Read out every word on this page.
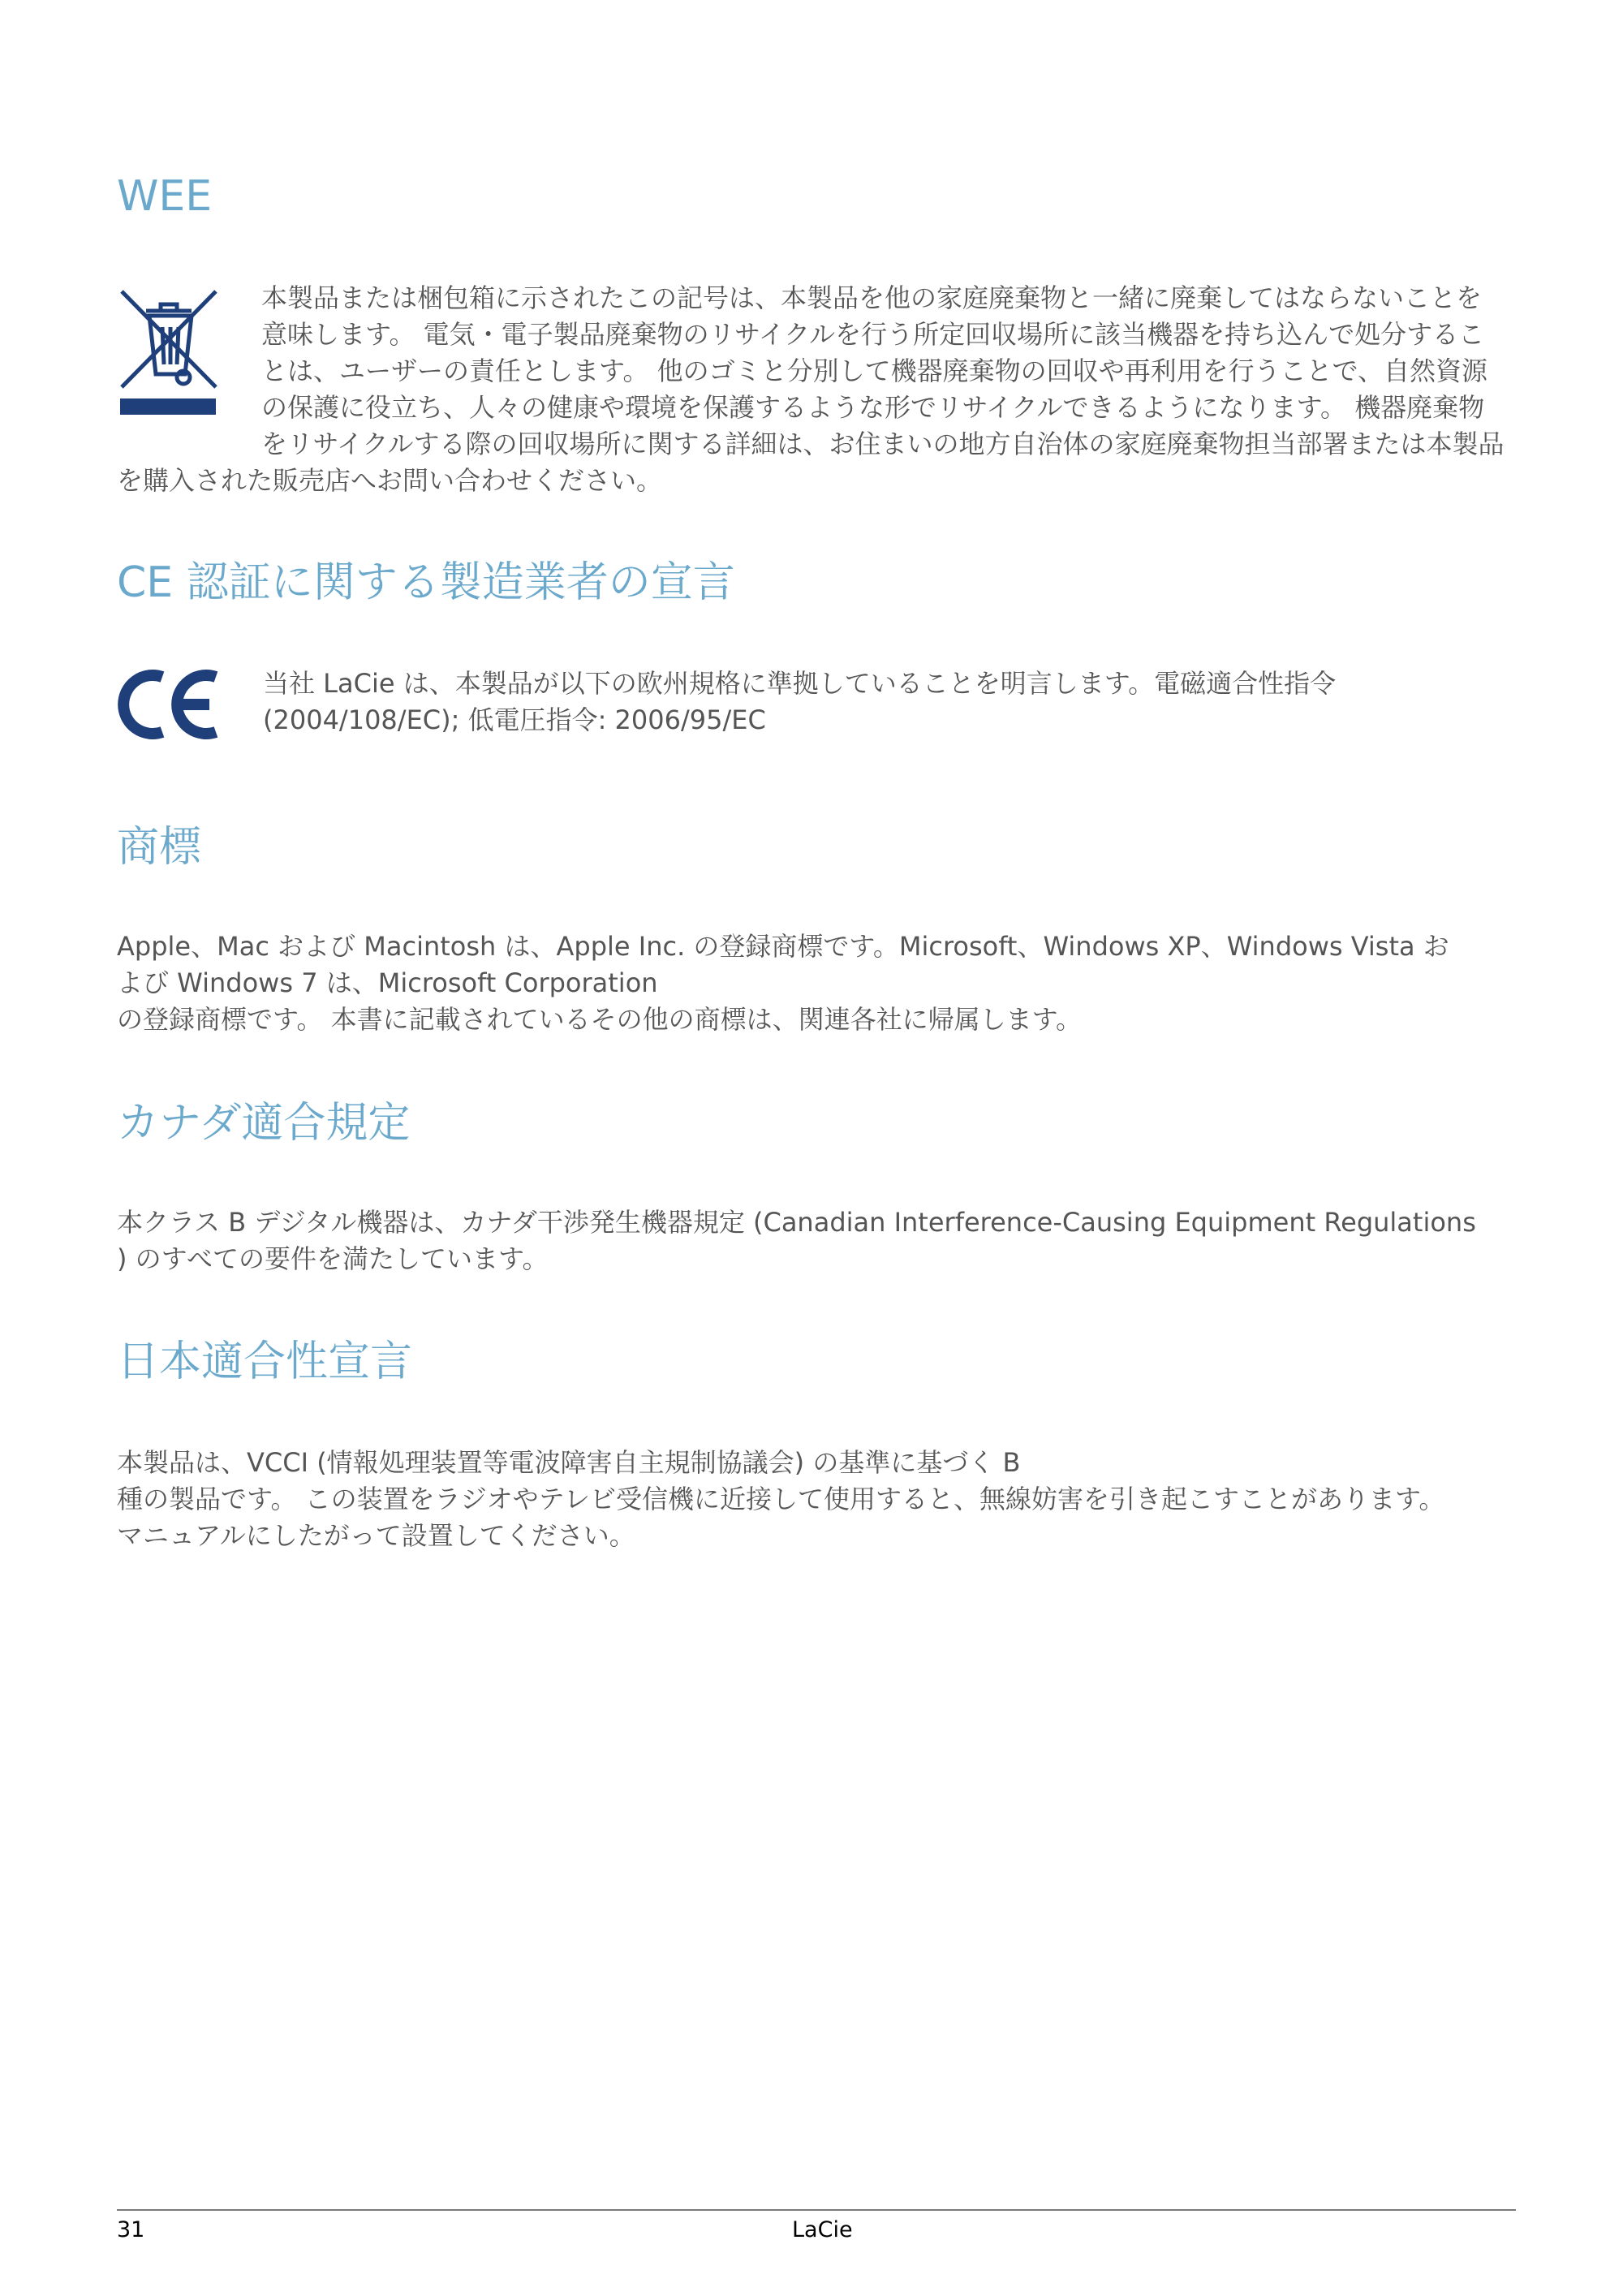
WEE

本製品または梱包箱に示されたこの記号は、本製品を他の家庭廃棄物と一緒に廃棄してはならないことを意味します。 電気・電子製品廃棄物のリサイクルを行う所定回収場所に該当機器を持ち込んで処分することは、ユーザーの責任とします。 他のゴミと分別して機器廃棄物の回収や再利用を行うことで、自然資源の保護に役立ち、人々の健康や環境を保護するような形でリサイクルできるようになります。 機器廃棄物をリサイクルする際の回収場所に関する詳細は、お住まいの地方自治体の家庭廃棄物担当部署または本製品を購入された販売店へお問い合わせください。

CE 認証に関する製造業者の宣言

当社 LaCie は、本製品が以下の欧州規格に準拠していることを明言します。電磁適合性指令 (2004/108/EC); 低電圧指令: 2006/95/EC

商標

Apple、Mac および Macintosh は、Apple Inc. の登録商標です。Microsoft、Windows XP、Windows Vista および Windows 7 は、Microsoft Corporation

の登録商標です。 本書に記載されているその他の商標は、関連各社に帰属します。

カナダ適合規定

本クラス B デジタル機器は、カナダ干渉発生機器規定 (Canadian Interference-Causing Equipment Regulations

) のすべての要件を満たしています。

日本適合性宣言

本製品は、VCCI (情報処理装置等電波障害自主規制協議会) の基準に基づく B

種の製品です。 この装置をラジオやテレビ受信機に近接して使用すると、無線妨害を引き起こすことがあります。

マニュアルにしたがって設置してください。

31	LaCie
